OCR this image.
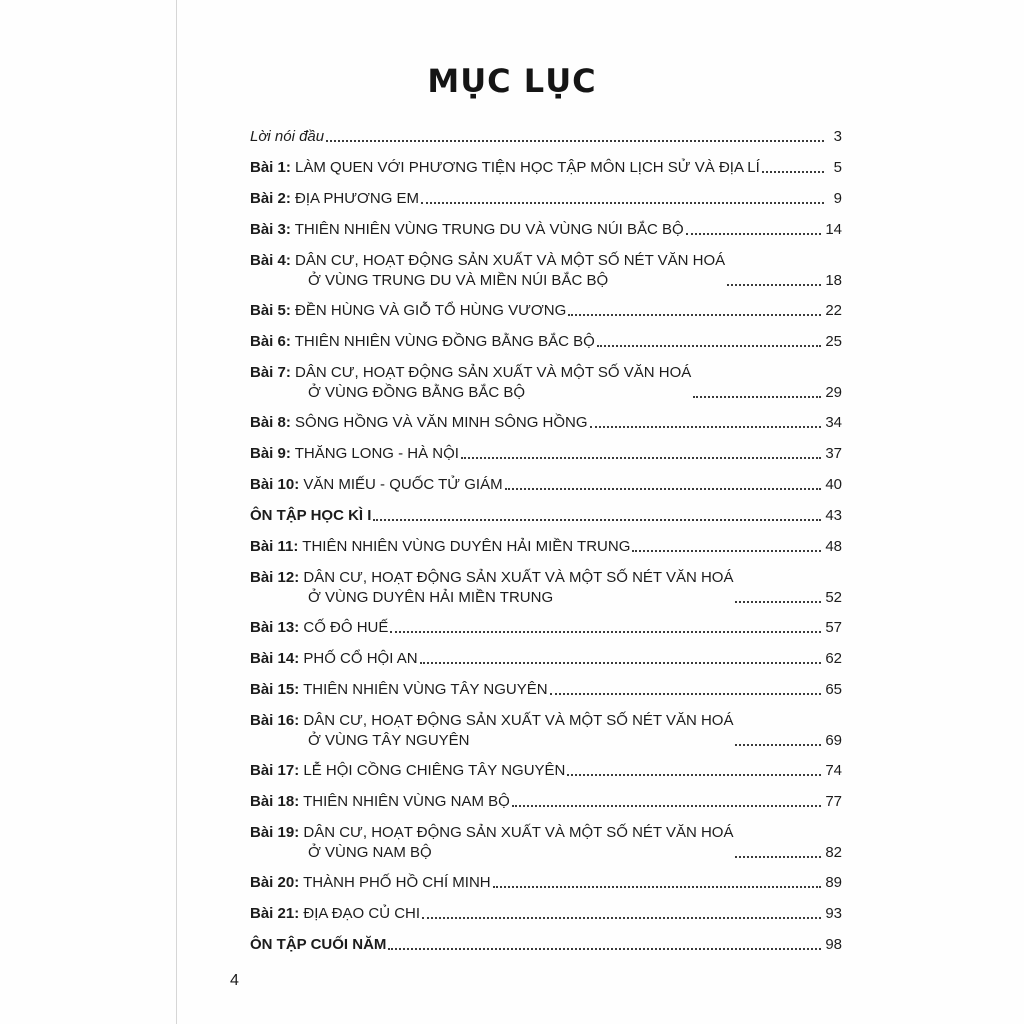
MỤC LỤC
Lời nói đầu	3
Bài 1: LÀM QUEN VỚI PHƯƠNG TIỆN HỌC TẬP MÔN LỊCH SỬ VÀ ĐỊA LÍ	5
Bài 2: ĐỊA PHƯƠNG EM	9
Bài 3: THIÊN NHIÊN VÙNG TRUNG DU VÀ VÙNG NÚI BẮC BỘ	14
Bài 4: DÂN CƯ, HOẠT ĐỘNG SẢN XUẤT VÀ MỘT SỐ NÉT VĂN HOÁ
Ở VÙNG TRUNG DU VÀ MIỀN NÚI BẮC BỘ	18
Bài 5: ĐỀN HÙNG VÀ GIỖ TỔ HÙNG VƯƠNG	22
Bài 6: THIÊN NHIÊN VÙNG ĐỒNG BẰNG BẮC BỘ	25
Bài 7: DÂN CƯ, HOẠT ĐỘNG SẢN XUẤT VÀ MỘT SỐ VĂN HOÁ
Ở VÙNG ĐỒNG BẰNG BẮC BỘ	29
Bài 8: SÔNG HỒNG VÀ VĂN MINH SÔNG HỒNG	34
Bài 9: THĂNG LONG - HÀ NỘI	37
Bài 10: VĂN MIẾU - QUỐC TỬ GIÁM	40
ÔN TẬP HỌC KÌ I	43
Bài 11: THIÊN NHIÊN VÙNG DUYÊN HẢI MIỀN TRUNG	48
Bài 12: DÂN CƯ, HOẠT ĐỘNG SẢN XUẤT VÀ MỘT SỐ NÉT VĂN HOÁ
Ở VÙNG DUYÊN HẢI MIỀN TRUNG	52
Bài 13: CỐ ĐÔ HUẾ	57
Bài 14: PHỐ CỔ HỘI AN	62
Bài 15: THIÊN NHIÊN VÙNG TÂY NGUYÊN	65
Bài 16: DÂN CƯ, HOẠT ĐỘNG SẢN XUẤT VÀ MỘT SỐ NÉT VĂN HOÁ
Ở VÙNG TÂY NGUYÊN	69
Bài 17: LỄ HỘI CỒNG CHIÊNG TÂY NGUYÊN	74
Bài 18: THIÊN NHIÊN VÙNG NAM BỘ	77
Bài 19: DÂN CƯ, HOẠT ĐỘNG SẢN XUẤT VÀ MỘT SỐ NÉT VĂN HOÁ
Ở VÙNG NAM BỘ	82
Bài 20: THÀNH PHỐ HỒ CHÍ MINH	89
Bài 21: ĐỊA ĐẠO CỦ CHI	93
ÔN TẬP CUỐI NĂM	98
4
